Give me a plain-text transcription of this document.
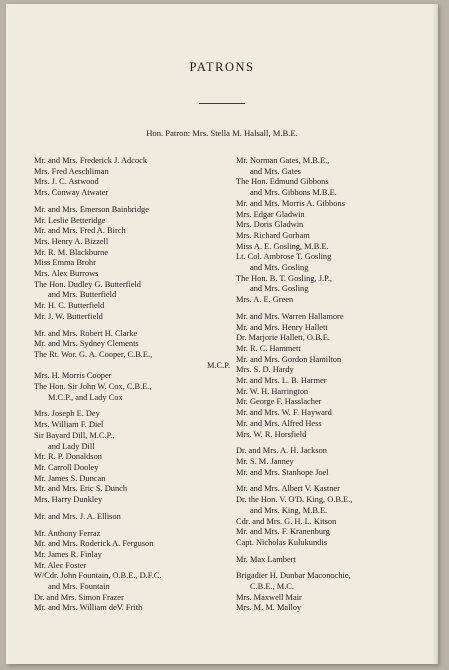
PATRONS
Hon. Patron: Mrs. Stella M. Halsall, M.B.E.
Mr. and Mrs. Frederick J. Adcock
Mrs. Fred Aeschliman
Mrs. J. C. Astwood
Mrs. Conway Atwater
Mr. and Mrs. Emerson Bainbridge
Mr. Leslie Betteridge
Mr. and Mrs. Fred A. Birch
Mrs. Henry A. Bizzell
Mr. R. M. Blackburne
Miss Emma Brohr
Mrs. Alex Burrows
The Hon. Dudley G. Butterfield
and Mrs. Butterfield
Mr. H. C. Butterfield
Mr. J. W. Butterfield
Mr. and Mrs. Robert H. Clarke
Mr. and Mrs. Sydney Clements
The Rt. Wor. G. A. Cooper, C.B.E.,
M.C.P.
Mrs. H. Morris Cooper
The Hon. Sir John W. Cox, C.B.E.,
M.C.P., and Lady Cox
Mrs. Joseph E. Dey
Mrs. William F. Diel
Sir Bayard Dill, M.C.P.,
and Lady Dill
Mr. R. P. Donaldson
Mr. Carroll Dooley
Mr. James S. Duncan
Mr. and Mrs. Eric S. Dunch
Mrs. Harry Dunkley
Mr. and Mrs. J. A. Ellison
Mr. Anthony Ferraz
Mr. and Mrs. Roderick A. Ferguson
Mr. James R. Finlay
Mr. Alec Foster
W/Cdr. John Fountain, O.B.E., D.F.C.
and Mrs. Fountain
Dr. and Mrs. Simon Frazer
Mr. and Mrs. William deV. Frith
Mr. Norman Gates, M.B.E.,
and Mrs. Gates
The Hon. Edmund Gibbons
and Mrs. Gibbons M.B.E.
Mr. and Mrs. Morris A. Gibbons
Mrs. Edgar Gladwin
Mrs. Doris Gladwin
Mrs. Richard Gorham
Miss A. E. Gosling, M.B.E.
Lt. Col. Ambrose T. Gosling
and Mrs. Gosling
The Hon. B. T. Gosling, J.P.,
and Mrs. Gosling
Mrs. A. E. Green
Mr. and Mrs. Warren Hallamore
Mr. and Mrs. Henry Hallett
Dr. Marjorie Hallett, O.B.E.
Mr. R. C. Hammett
Mr. and Mrs. Gordon Hamilton
Mrs. S. D. Hardy
Mr. and Mrs. L. B. Harmer
Mr. W. H. Harrington
Mr. George F. Hasslacher
Mr. and Mrs. W. F. Hayward
Mr. and Mrs. Alfred Hess
Mrs. W. R. Horsfield
Dr. and Mrs. A. H. Jackson
Mr. S. M. Janney
Mr. and Mrs. Stanhope Joel
Mr. and Mrs. Albert V. Kastner
Dr. the Hon. V. O'D. King, O.B.E.,
and Mrs. King, M.B.E.
Cdr. and Mrs. G. H. L. Kitson
Mr. and Mrs. F. Kranenburg
Capt. Nicholas Kulukundis
Mr. Max Lambert
Brigadier H. Dunbar Maconochie,
C.B.E., M.C.
Mrs. Maxwell Mair
Mrs. M. M. Malloy
